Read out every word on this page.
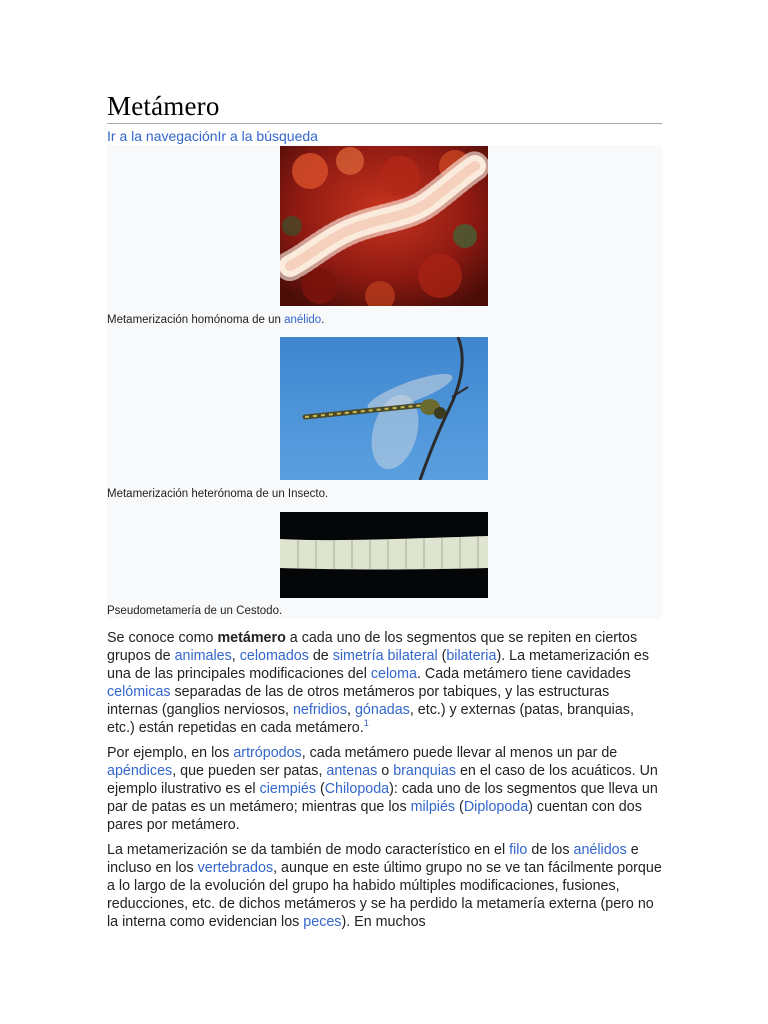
Metámero
Ir a la navegaciónIr a la búsqueda
Metamerización homónoma de un anélido.
Metamerización heterónoma de un Insecto.
Pseudometamería de un Cestodo.

Se conoce como metámero a cada uno de los segmentos que se repiten en ciertos grupos de animales, celomados de simetría bilateral (bilateria). La metamerización es una de las principales modificaciones del celoma. Cada metámero tiene cavidades celómicas separadas de las de otros metámeros por tabiques, y las estructuras internas (ganglios nerviosos, nefridios, gónadas, etc.) y externas (patas, branquias, etc.) están repetidas en cada metámero.$^1$

Por ejemplo, en los artrópodos, cada metámero puede llevar al menos un par de apéndices, que pueden ser patas, antenas o branquias en el caso de los acuáticos. Un ejemplo ilustrativo es el ciempiés (Chilopoda): cada uno de los segmentos que lleva un par de patas es un metámero; mientras que los milpiés (Diplopoda) cuentan con dos pares por metámero.

La metamerización se da también de modo característico en el filo de los anélidos e incluso en los vertebrados, aunque en este último grupo no se ve tan fácilmente porque a lo largo de la evolución del grupo ha habido múltiples modificaciones, fusiones, reducciones, etc. de dichos metámeros y se ha perdido la metamería externa (pero no la interna como evidencian los peces). En muchos
